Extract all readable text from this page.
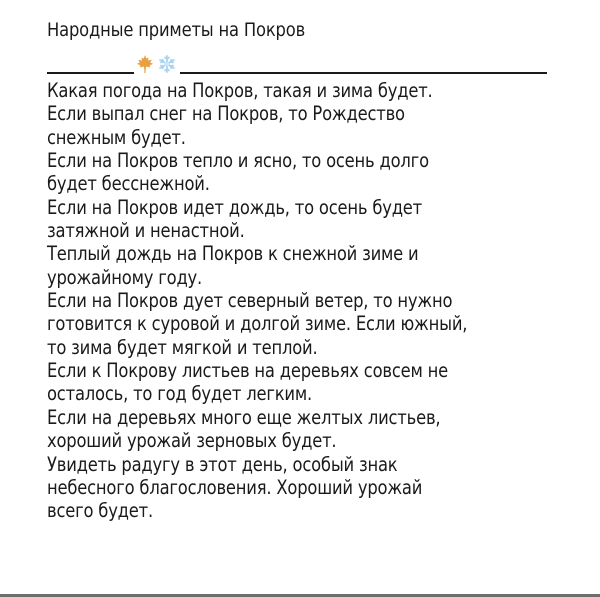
Народные приметы на Покров
Какая погода на Покров, такая и зима будет.
Если выпал снег на Покров, то Рождество
снежным будет.
Если на Покров тепло и ясно, то осень долго
будет бесснежной.
Если на Покров идет дождь, то осень будет
затяжной и ненастной.
Теплый дождь на Покров к снежной зиме и
урожайному году.
Если на Покров дует северный ветер, то нужно
готовится к суровой и долгой зиме. Если южный,
то зима будет мягкой и теплой.
Если к Покрову листьев на деревьях совсем не
осталось, то год будет легким.
Если на деревьях много еще желтых листьев,
хороший урожай зерновых будет.
Увидеть радугу в этот день, особый знак
небесного благословения. Хороший урожай
всего будет.
